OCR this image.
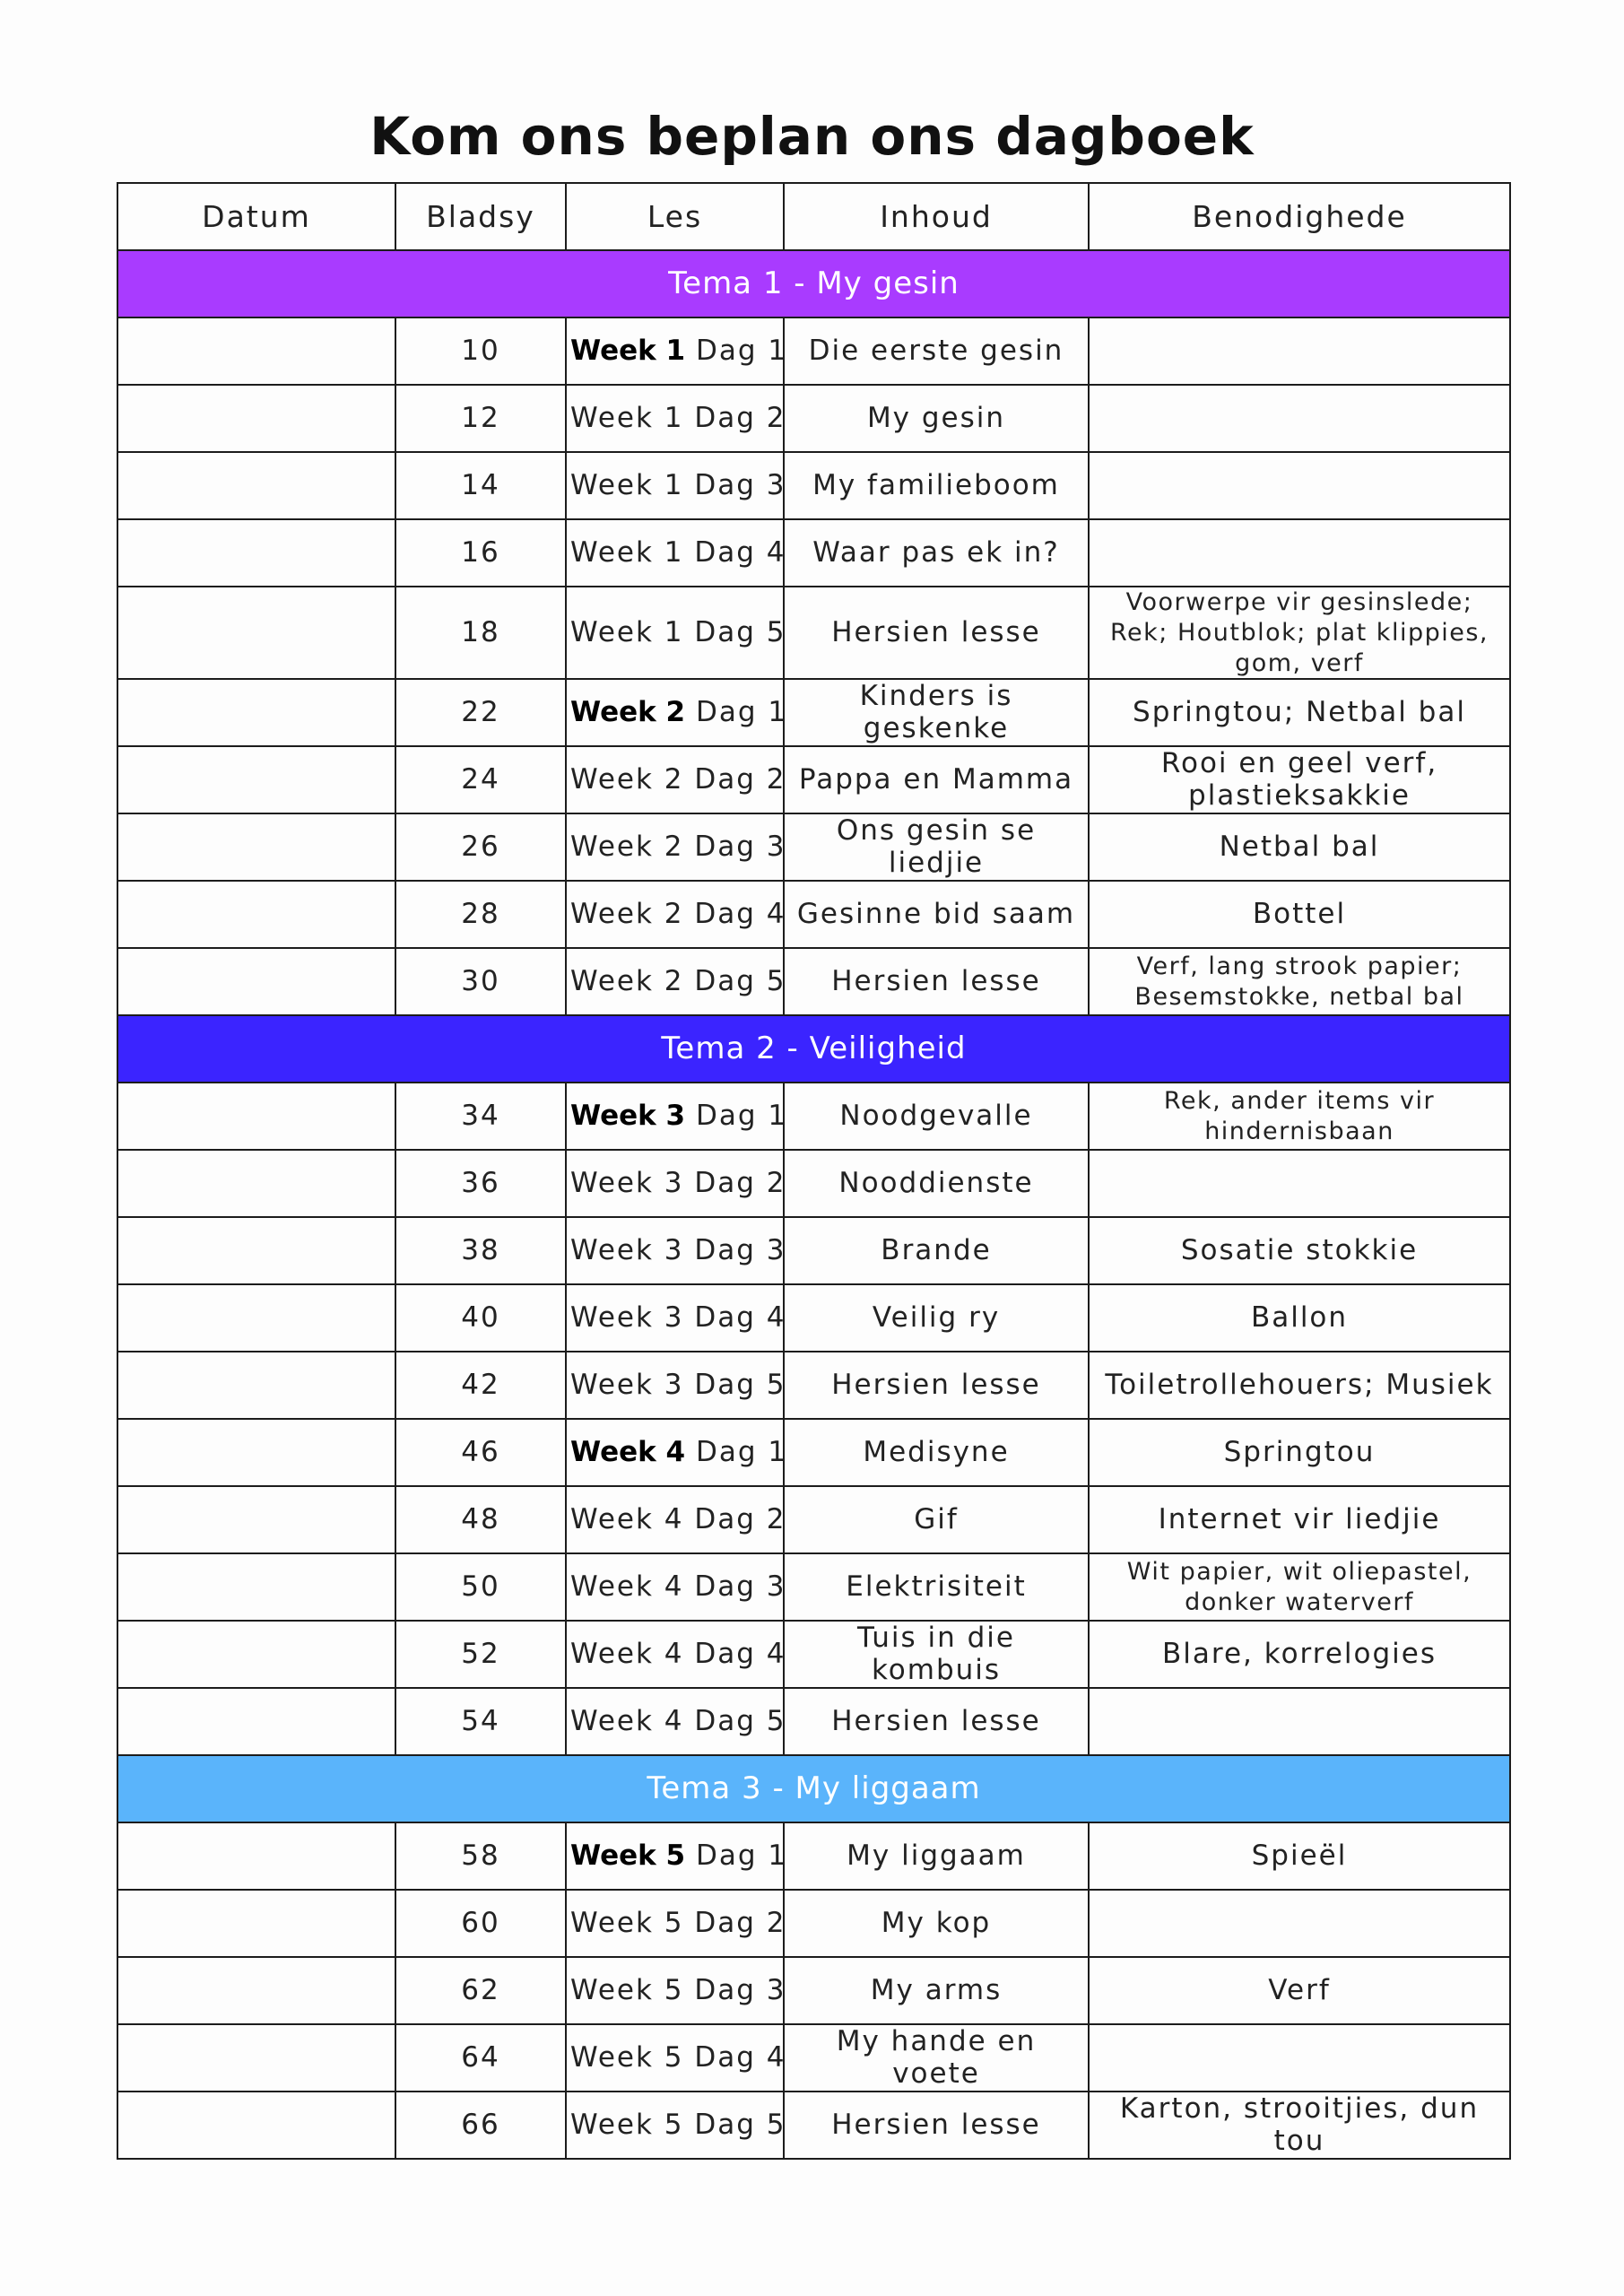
Kom ons beplan ons dagboek
Datum	Bladsy	Les	Inhoud	Benodighede
Tema 1 - My gesin				
	10	Week 1 Dag 1	Die eerste gesin	
	12	Week 1 Dag 2	My gesin	
	14	Week 1 Dag 3	My familieboom	
	16	Week 1 Dag 4	Waar pas ek in?	
	18	Week 1 Dag 5	Hersien lesse	Voorwerpe vir gesinslede; Rek; Houtblok; plat klippies, gom, verf
	22	Week 2 Dag 1	Kinders is geskenke	Springtou; Netbal bal
	24	Week 2 Dag 2	Pappa en Mamma	Rooi en geel verf, plastieksakkie
	26	Week 2 Dag 3	Ons gesin se liedjie	Netbal bal
	28	Week 2 Dag 4	Gesinne bid saam	Bottel
	30	Week 2 Dag 5	Hersien lesse	Verf, lang strook papier; Besemstokke, netbal bal
Tema 2 - Veiligheid				
	34	Week 3 Dag 1	Noodgevalle	Rek, ander items vir hindernisbaan
	36	Week 3 Dag 2	Nooddienste	
	38	Week 3 Dag 3	Brande	Sosatie stokkie
	40	Week 3 Dag 4	Veilig ry	Ballon
	42	Week 3 Dag 5	Hersien lesse	Toiletrollehouers; Musiek
	46	Week 4 Dag 1	Medisyne	Springtou
	48	Week 4 Dag 2	Gif	Internet vir liedjie
	50	Week 4 Dag 3	Elektrisiteit	Wit papier, wit oliepastel, donker waterverf
	52	Week 4 Dag 4	Tuis in die kombuis	Blare, korrelogies
	54	Week 4 Dag 5	Hersien lesse	
Tema 3 - My liggaam				
	58	Week 5 Dag 1	My liggaam	Spieël
	60	Week 5 Dag 2	My kop	
	62	Week 5 Dag 3	My arms	Verf
	64	Week 5 Dag 4	My hande en voete	
	66	Week 5 Dag 5	Hersien lesse	Karton, strooitjies, dun tou
